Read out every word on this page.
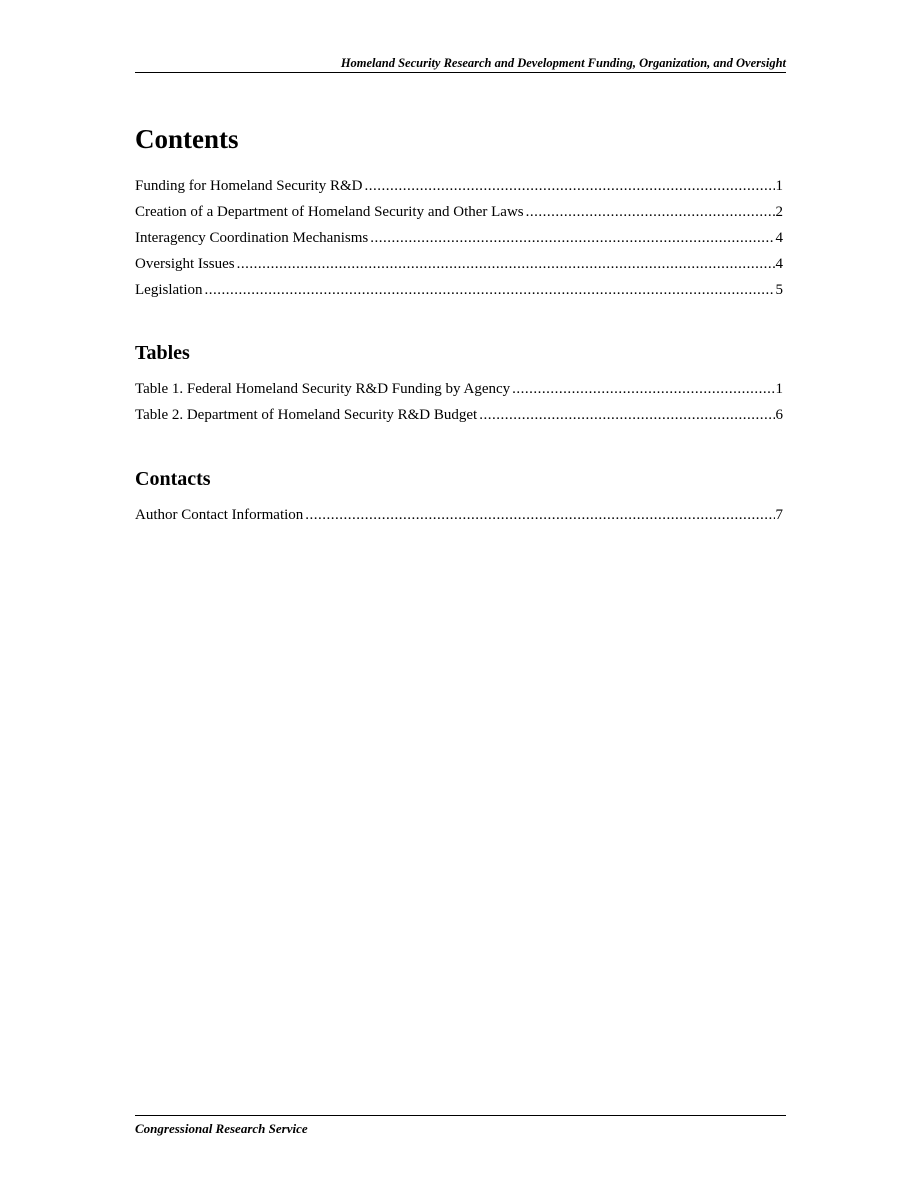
Homeland Security Research and Development Funding, Organization, and Oversight
Contents
Funding for Homeland Security R&D .....	1
Creation of a Department of Homeland Security and Other Laws .....	2
Interagency Coordination Mechanisms .....	4
Oversight Issues .....	4
Legislation .....	5
Tables
Table 1. Federal Homeland Security R&D Funding by Agency .....	1
Table 2. Department of Homeland Security R&D Budget .....	6
Contacts
Author Contact Information .....	7
Congressional Research Service
